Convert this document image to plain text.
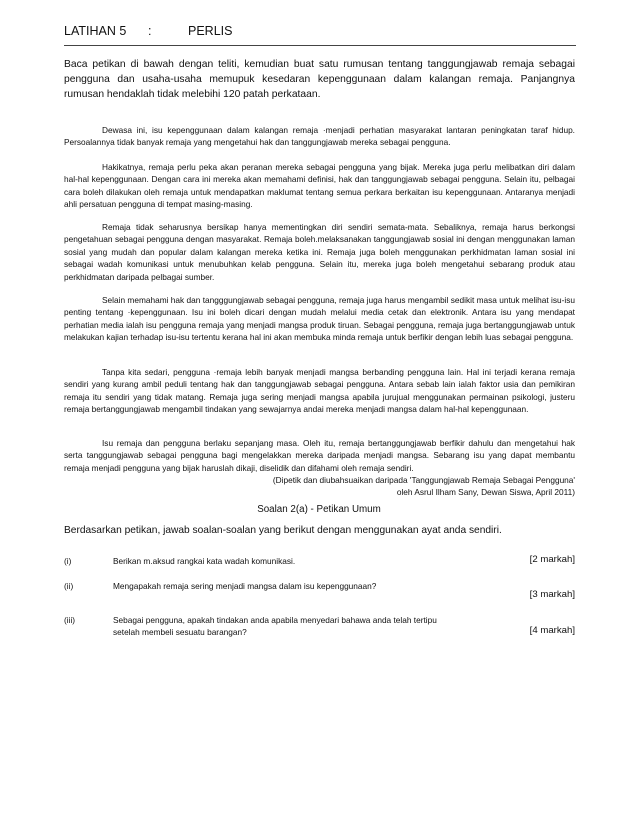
LATIHAN 5 :	PERLIS
Baca petikan di bawah dengan teliti, kemudian buat satu rumusan tentang tanggungjawab remaja sebagai pengguna dan usaha-usaha memupuk kesedaran kepenggunaan dalam kalangan remaja. Panjangnya rumusan hendaklah tidak melebihi 120 patah perkataan.

Dewasa ini, isu kepenggunaan dalam kalangan remaja ·menjadi perhatian masyarakat lantaran peningkatan taraf hidup. Persoalannya tidak banyak remaja yang mengetahui hak dan tanggungjawab mereka sebagai pengguna.

Hakikatnya, remaja perlu peka akan peranan mereka sebagai pengguna yang bijak. Mereka juga perlu melibatkan diri dalam hal-hal kepenggunaan. Dengan cara ini mereka akan memahami definisi, hak dan tanggungjawab sebagai pengguna. Selain itu, pelbagai cara boleh dilakukan oleh remaja untuk mendapatkan maklumat tentang semua perkara berkaitan isu kepenggunaan. Antaranya menjadi ahli persatuan pengguna di tempat masing-masing.

Remaja tidak seharusnya bersikap hanya mementingkan diri sendiri semata-mata. Sebaliknya, remaja harus berkongsi pengetahuan sebagai pengguna dengan masyarakat. Remaja boleh.melaksanakan tanggungjawab sosial ini dengan menggunakan laman sosial yang mudah dan popular dalam kalangan mereka ketika ini. Remaja juga boleh menggunakan perkhidmatan laman sosial ini sebagai wadah komunikasi untuk menubuhkan kelab pengguna. Selain itu, mereka juga boleh mengetahui sebarang produk atau perkhidmatan daripada pelbagai sumber.

Selain memahami hak dan tangggungjawab sebagai pengguna, remaja juga harus mengambil sedikit masa untuk melihat isu-isu penting tentang ·kepenggunaan. Isu ini boleh dicari dengan mudah melalui media cetak dan elektronik. Antara isu yang mendapat perhatian media ialah isu pengguna remaja yang menjadi mangsa produk tiruan. Sebagai pengguna, remaja juga bertanggungjawab untuk melakukan kajian terhadap isu-isu tertentu kerana hal ini akan membuka minda remaja untuk berfikir dengan lebih luas sebagai pengguna.

Tanpa kita sedari, pengguna ·remaja lebih banyak menjadi mangsa berbanding pengguna lain. Hal ini terjadi kerana remaja sendiri yang kurang ambil peduli tentang hak dan tanggungjawab sebagai pengguna. Antara sebab lain ialah faktor usia dan pemikiran remaja itu sendiri yang tidak matang. Remaja juga sering menjadi mangsa apabila jurujual menggunakan permainan psikologi, justeru remaja bertanggungjawab mengambil tindakan yang sewajarnya andai mereka menjadi mangsa dalam hal-hal kepenggunaan.

Isu remaja dan pengguna berlaku sepanjang masa. Oleh itu, remaja bertanggungjawab berfikir dahulu dan mengetahui hak serta tanggungjawab sebagai pengguna bagi mengelakkan mereka daripada menjadi mangsa. Sebarang isu yang dapat membantu remaja menjadi pengguna yang bijak haruslah dikaji, diselidik dan difahami oleh remaja sendiri.

(Dipetik dan diubahsuaikan daripada 'Tanggungjawab Remaja Sebagai Pengguna'
oleh Asrul Ilham Sany, Dewan Siswa, April 2011)
Soalan 2(a) - Petikan Umum
Berdasarkan petikan, jawab soalan-soalan yang berikut dengan menggunakan ayat anda sendiri.
(i)	Berikan m.aksud rangkai kata wadah komunikasi.	[2 markah]
(ii)	Mengapakah remaja sering menjadi mangsa dalam isu kepenggunaan?
[3 markah]
(iii)	Sebagai pengguna, apakah tindakan anda apabila menyedari bahawa anda telah tertipu setelah membeli sesuatu barangan?	[4 markah]
